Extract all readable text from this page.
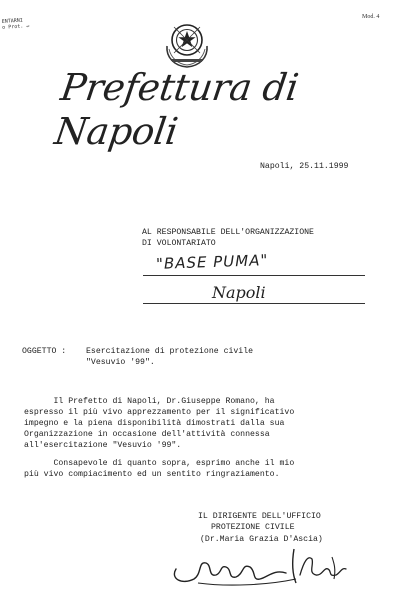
ENTARNI
o Prot. ↵
Mod. 4
Prefettura di Napoli
Napoli, 25.11.1999
AL RESPONSABILE DELL'ORGANIZZAZIONE
DI VOLONTARIATO
"BASE PUMA"
Napoli
OGGETTO : Esercitazione di protezione civile
"Vesuvio '99".
Il Prefetto di Napoli, Dr.Giuseppe Romano, ha
espresso il più vivo apprezzamento per il significativo
impegno e la piena disponibilità dimostrati dalla sua
Organizzazione in occasione dell'attività connessa
all'esercitazione "Vesuvio '99".
Consapevole di quanto sopra, esprimo anche il mio
più vivo compiacimento ed un sentito ringraziamento.
IL DIRIGENTE DELL'UFFICIO
PROTEZIONE CIVILE
(Dr.Maria Grazia D'Ascia)
